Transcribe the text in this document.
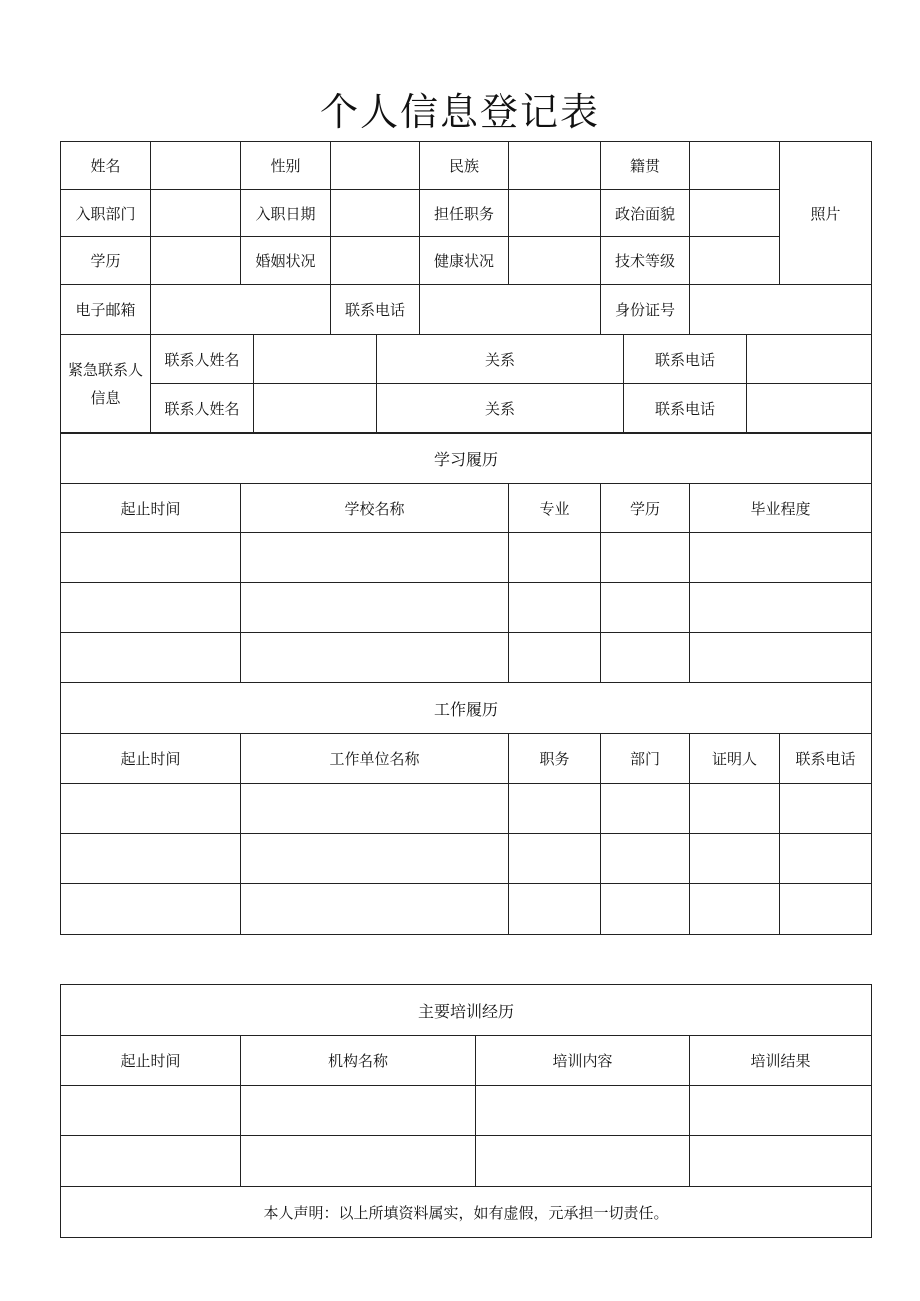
个人信息登记表
姓名		性别		民族		籍贯		照片
入职部门		入职日期		担任职务		政治面貌		
学历		婚姻状况		健康状况		技术等级		
电子邮箱			联系电话			身份证号		
紧急联系人信息	联系人姓名		关系	联系电话	
	联系人姓名		关系	联系电话	
学习履历					
起止时间	学校名称	专业	学历	毕业程度	

工作履历					
起止时间	工作单位名称	职务	部门	证明人	联系电话

主要培训经历			
起止时间	机构名称	培训内容	培训结果

本人声明：以上所填资料属实，如有虚假，元承担一切责任。			
